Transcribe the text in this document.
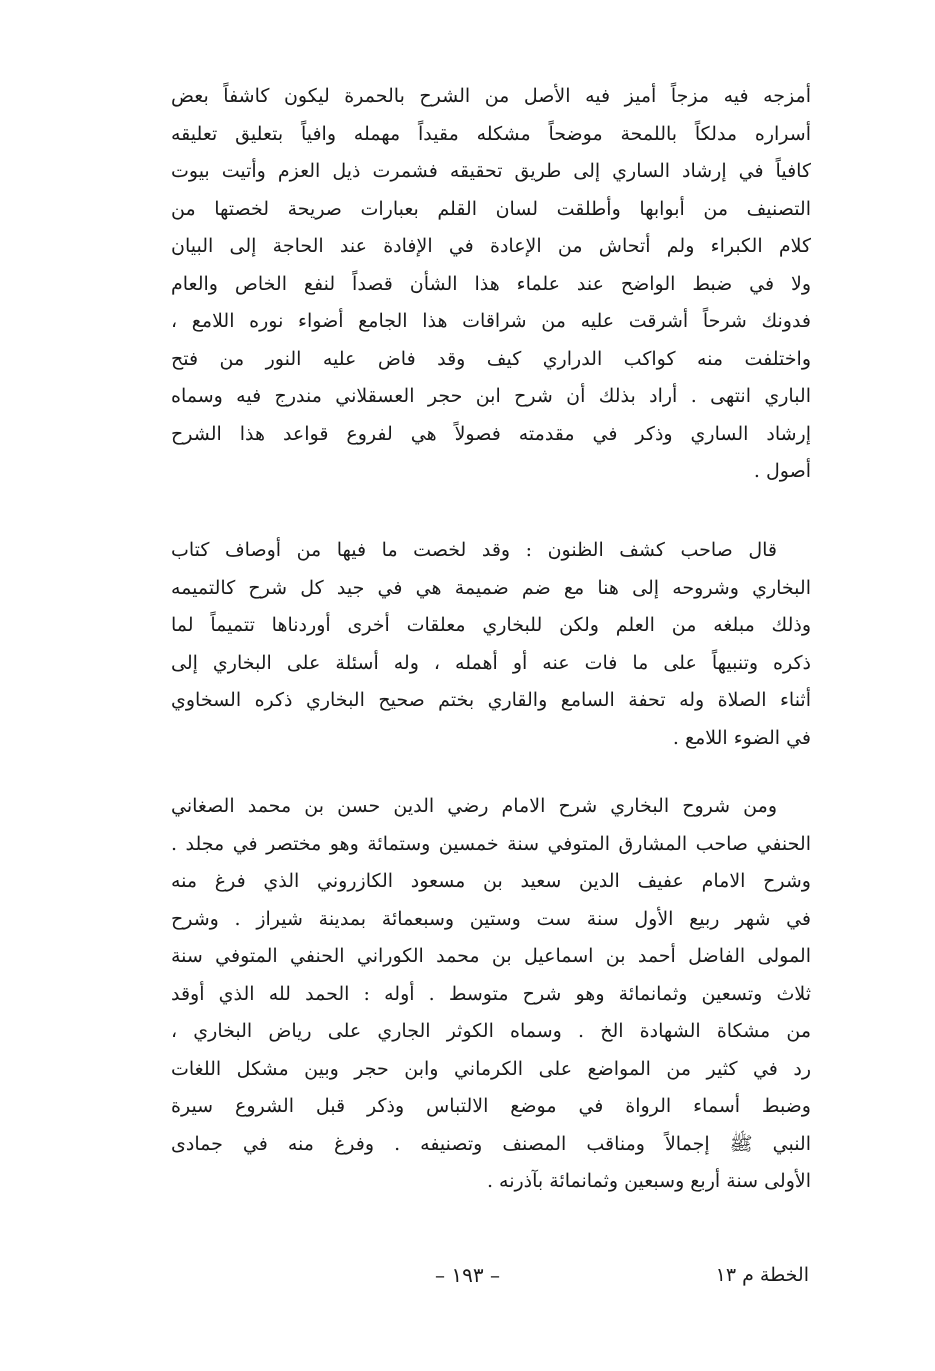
أمزجه فيه مزجاً أميز فيه الأصل من الشرح بالحمرة ليكون كاشفاً بعض
أسراره مدلكاً باللمحة موضحاً مشكله مقيداً مهمله وافياً بتعليق تعليقه
كافياً في إرشاد الساري إلى طريق تحقيقه فشمرت ذيل العزم وأتيت بيوت
التصنيف من أبوابها وأطلقت لسان القلم بعبارات صريحة لخصتها من
كلام الكبراء ولم أتحاش من الإعادة في الإفادة عند الحاجة إلى البيان
ولا في ضبط الواضح عند علماء هذا الشأن قصداً لنفع الخاص والعام
فدونك شرحاً أشرقت عليه من شراقات هذا الجامع أضواء نوره اللامع ،
واختلفت منه كواكب الدراري كيف وقد فاض عليه النور من فتح
الباري انتهى . أراد بذلك أن شرح ابن حجر العسقلاني مندرج فيه وسماه
إرشاد الساري وذكر في مقدمته فصولاً هي لفروع قواعد هذا الشرح
أصول .
قال صاحب كشف الظنون : وقد لخصت ما فيها من أوصاف كتاب
البخاري وشروحه إلى هنا مع ضم ضميمة هي في جيد كل شرح كالتميمه
وذلك مبلغه من العلم ولكن للبخاري معلقات أخرى أوردناها تتميماً لما
ذكره وتنبيهاً على ما فات عنه أو أهمله ، وله أسئلة على البخاري إلى
أثناء الصلاة وله تحفة السامع والقاري بختم صحيح البخاري ذكره السخاوي
في الضوء اللامع .
ومن شروح البخاري شرح الامام رضي الدين حسن بن محمد الصغاني
الحنفي صاحب المشارق المتوفي سنة خمسين وستمائة وهو مختصر في مجلد .
وشرح الامام عفيف الدين سعيد بن مسعود الكازروني الذي فرغ منه
في شهر ربيع الأول سنة ست وستين وسبعمائة بمدينة شيراز . وشرح
المولى الفاضل أحمد بن اسماعيل بن محمد الكوراني الحنفي المتوفي سنة
ثلاث وتسعين وثمانمائة وهو شرح متوسط . أوله : الحمد لله الذي أوقد
من مشكاة الشهادة الخ . وسماه الكوثر الجاري على رياض البخاري ،
رد في كثير من المواضع على الكرماني وابن حجر وبين مشكل اللغات
وضبط أسماء الرواة في موضع الالتباس وذكر قبل الشروع سيرة
النبي ﷺ إجمالاً ومناقب المصنف وتصنيفه . وفرغ منه في جمادى
الأولى سنة أربع وسبعين وثمانمائة بآذرنه .
– ١٩٣ –	الخطة م ١٣
